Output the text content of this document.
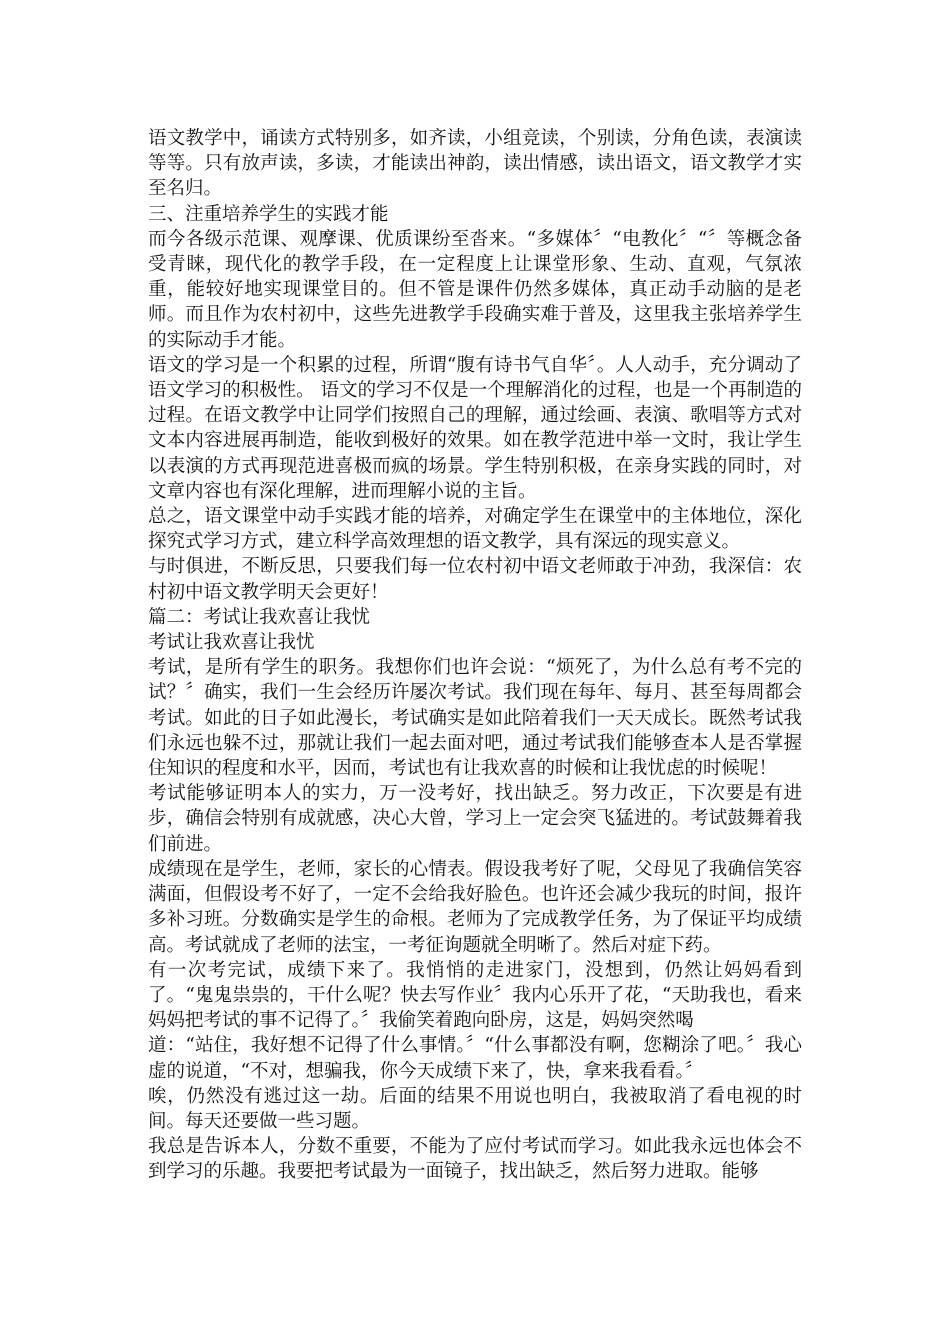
语文教学中，诵读方式特别多，如齐读，小组竞读，个别读，分角色读，表演读等等。只有放声读，多读，才能读出神韵，读出情感，读出语文，语文教学才实至名归。

三、注重培养学生的实践才能

而今各级示范课、观摩课、优质课纷至沓来。“多媒体〞“电教化〞“〞等概念备受青睐，现代化的教学手段，在一定程度上让课堂形象、生动、直观，气氛浓重，能较好地实现课堂目的。但不管是课件仍然多媒体，真正动手动脑的是老师。而且作为农村初中，这些先进教学手段确实难于普及，这里我主张培养学生的实际动手才能。

语文的学习是一个积累的过程，所谓“腹有诗书气自华〞。人人动手，充分调动了语文学习的积极性。 语文的学习不仅是一个理解消化的过程，也是一个再制造的过程。在语文教学中让同学们按照自己的理解，通过绘画、表演、歌唱等方式对文本内容进展再制造，能收到极好的效果。如在教学范进中举一文时，我让学生以表演的方式再现范进喜极而疯的场景。学生特别积极，在亲身实践的同时，对文章内容也有深化理解，进而理解小说的主旨。

总之，语文课堂中动手实践才能的培养，对确定学生在课堂中的主体地位，深化探究式学习方式，建立科学高效理想的语文教学，具有深远的现实意义。

与时俱进，不断反思，只要我们每一位农村初中语文老师敢于冲劲，我深信：农村初中语文教学明天会更好！

篇二：考试让我欢喜让我忧

考试让我欢喜让我忧

考试，是所有学生的职务。我想你们也许会说：“烦死了，为什么总有考不完的试？〞确实，我们一生会经历许屡次考试。我们现在每年、每月、甚至每周都会考试。如此的日子如此漫长，考试确实是如此陪着我们一天天成长。既然考试我们永远也躲不过，那就让我们一起去面对吧，通过考试我们能够查本人是否掌握住知识的程度和水平，因而，考试也有让我欢喜的时候和让我忧虑的时候呢！

考试能够证明本人的实力，万一没考好，找出缺乏。努力改正，下次要是有进步，确信会特别有成就感，决心大曾，学习上一定会突飞猛进的。考试鼓舞着我们前进。

成绩现在是学生，老师，家长的心情表。假设我考好了呢，父母见了我确信笑容满面，但假设考不好了，一定不会给我好脸色。也许还会减少我玩的时间，报许多补习班。分数确实是学生的命根。老师为了完成教学任务，为了保证平均成绩高。考试就成了老师的法宝，一考征询题就全明晰了。然后对症下药。

有一次考完试，成绩下来了。我悄悄的走进家门，没想到，仍然让妈妈看到了。“鬼鬼祟祟的，干什么呢？快去写作业〞我内心乐开了花，“天助我也，看来妈妈把考试的事不记得了。〞我偷笑着跑向卧房，这是，妈妈突然喝
道：“站住，我好想不记得了什么事情。〞“什么事都没有啊，您糊涂了吧。〞我心虚的说道，“不对，想骗我，你今天成绩下来了，快，拿来我看看。〞

唉，仍然没有逃过这一劫。后面的结果不用说也明白，我被取消了看电视的时间。每天还要做一些习题。

我总是告诉本人，分数不重要，不能为了应付考试而学习。如此我永远也体会不到学习的乐趣。我要把考试最为一面镜子，找出缺乏，然后努力进取。能够
